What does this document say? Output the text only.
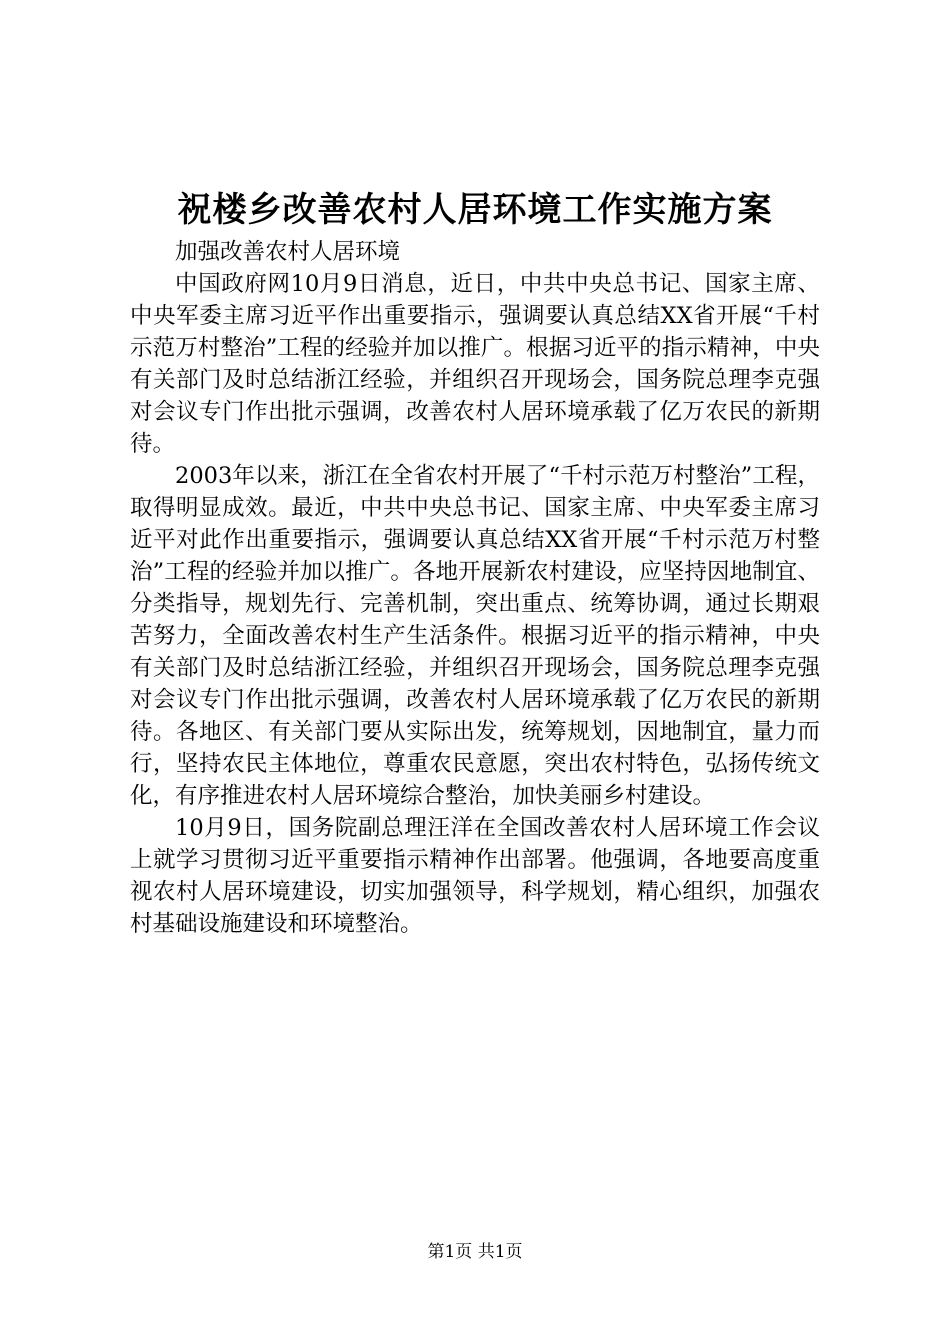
祝楼乡改善农村人居环境工作实施方案

加强改善农村人居环境

中国政府网10月9日消息，近日，中共中央总书记、国家主席、中央军委主席习近平作出重要指示，强调要认真总结XX省开展“千村示范万村整治”工程的经验并加以推广。根据习近平的指示精神，中央有关部门及时总结浙江经验，并组织召开现场会，国务院总理李克强对会议专门作出批示强调，改善农村人居环境承载了亿万农民的新期待。

2003年以来，浙江在全省农村开展了“千村示范万村整治”工程，取得明显成效。最近，中共中央总书记、国家主席、中央军委主席习近平对此作出重要指示，强调要认真总结XX省开展“千村示范万村整治”工程的经验并加以推广。各地开展新农村建设，应坚持因地制宜、分类指导，规划先行、完善机制，突出重点、统筹协调，通过长期艰苦努力，全面改善农村生产生活条件。根据习近平的指示精神，中央有关部门及时总结浙江经验，并组织召开现场会，国务院总理李克强对会议专门作出批示强调，改善农村人居环境承载了亿万农民的新期待。各地区、有关部门要从实际出发，统筹规划，因地制宜，量力而行，坚持农民主体地位，尊重农民意愿，突出农村特色，弘扬传统文化，有序推进农村人居环境综合整治，加快美丽乡村建设。

10月9日，国务院副总理汪洋在全国改善农村人居环境工作会议上就学习贯彻习近平重要指示精神作出部署。他强调，各地要高度重视农村人居环境建设，切实加强领导，科学规划，精心组织，加强农村基础设施建设和环境整治。

第1页 共1页
